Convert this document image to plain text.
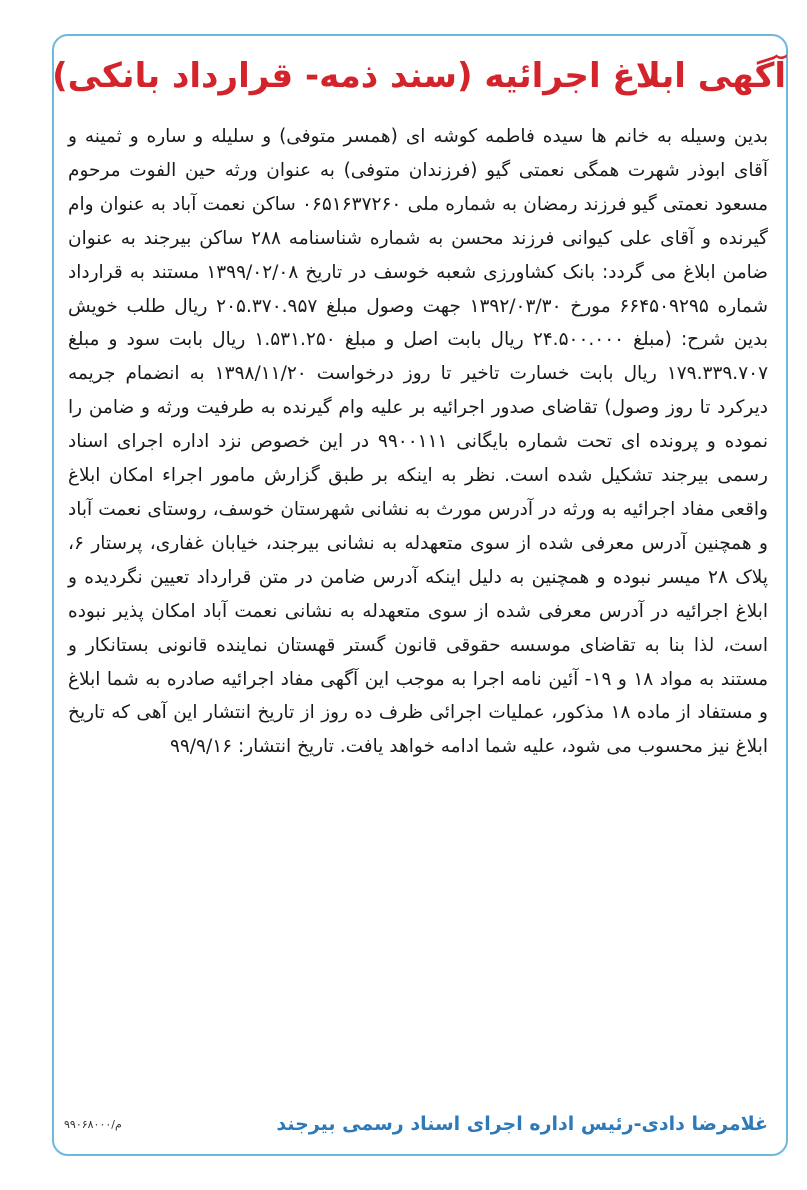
آگهی ابلاغ اجرائیه (سند ذمه- قرارداد بانکی)
بدین وسیله به خانم ها سیده فاطمه کوشه ای (همسر متوفی) و سلیله و ساره و ثمینه و آقای ابوذر شهرت همگی نعمتی گیو (فرزندان متوفی) به عنوان ورثه حین الفوت مرحوم مسعود نعمتی گیو فرزند رمضان به شماره ملی ۰۶۵۱۶۳۷۲۶۰ ساکن نعمت آباد به عنوان وام گیرنده و آقای علی کیوانی فرزند محسن به شماره شناسنامه ۲۸۸ ساکن بیرجند به عنوان ضامن ابلاغ می گردد: بانک کشاورزی شعبه خوسف در تاریخ ۱۳۹۹/۰۲/۰۸ مستند به قرارداد شماره ۶۶۴۵۰۹۲۹۵ مورخ ۱۳۹۲/۰۳/۳۰ جهت وصول مبلغ ۲۰۵.۳۷۰.۹۵۷ ریال طلب خویش بدین شرح: (مبلغ ۲۴.۵۰۰.۰۰۰ ریال بابت اصل و مبلغ ۱.۵۳۱.۲۵۰ ریال بابت سود و مبلغ ۱۷۹.۳۳۹.۷۰۷ ریال بابت خسارت تاخیر تا روز درخواست ۱۳۹۸/۱۱/۲۰ به انضمام جریمه دیرکرد تا روز وصول) تقاضای صدور اجرائیه بر علیه وام گیرنده به طرفیت ورثه و ضامن را نموده و پرونده ای تحت شماره بایگانی ۹۹۰۰۱۱۱ در این خصوص نزد اداره اجرای اسناد رسمی بیرجند تشکیل شده است. نظر به اینکه بر طبق گزارش مامور اجراء امکان ابلاغ واقعی مفاد اجرائیه به ورثه در آدرس مورث به نشانی شهرستان خوسف، روستای نعمت آباد و همچنین آدرس معرفی شده از سوی متعهدله به نشانی بیرجند، خیابان غفاری، پرستار ۶، پلاک ۲۸ میسر نبوده و همچنین به دلیل اینکه آدرس ضامن در متن قرارداد تعیین نگردیده و ابلاغ اجرائیه در آدرس معرفی شده از سوی متعهدله به نشانی نعمت آباد امکان پذیر نبوده است، لذا بنا به تقاضای موسسه حقوقی قانون گستر قهستان نماینده قانونی بستانکار و مستند به مواد ۱۸ و ۱۹- آئین نامه اجرا به موجب این آگهی مفاد اجرائیه صادره به شما ابلاغ و مستفاد از ماده ۱۸ مذکور، عملیات اجرائی ظرف ده روز از تاریخ انتشار این آهی که تاریخ ابلاغ نیز محسوب می شود، علیه شما ادامه خواهد یافت. تاریخ انتشار: ۹۹/۹/۱۶
غلامرضا دادی-رئیس اداره اجرای اسناد رسمی بیرجند
م/۹۹۰۶۸۰۰۰
